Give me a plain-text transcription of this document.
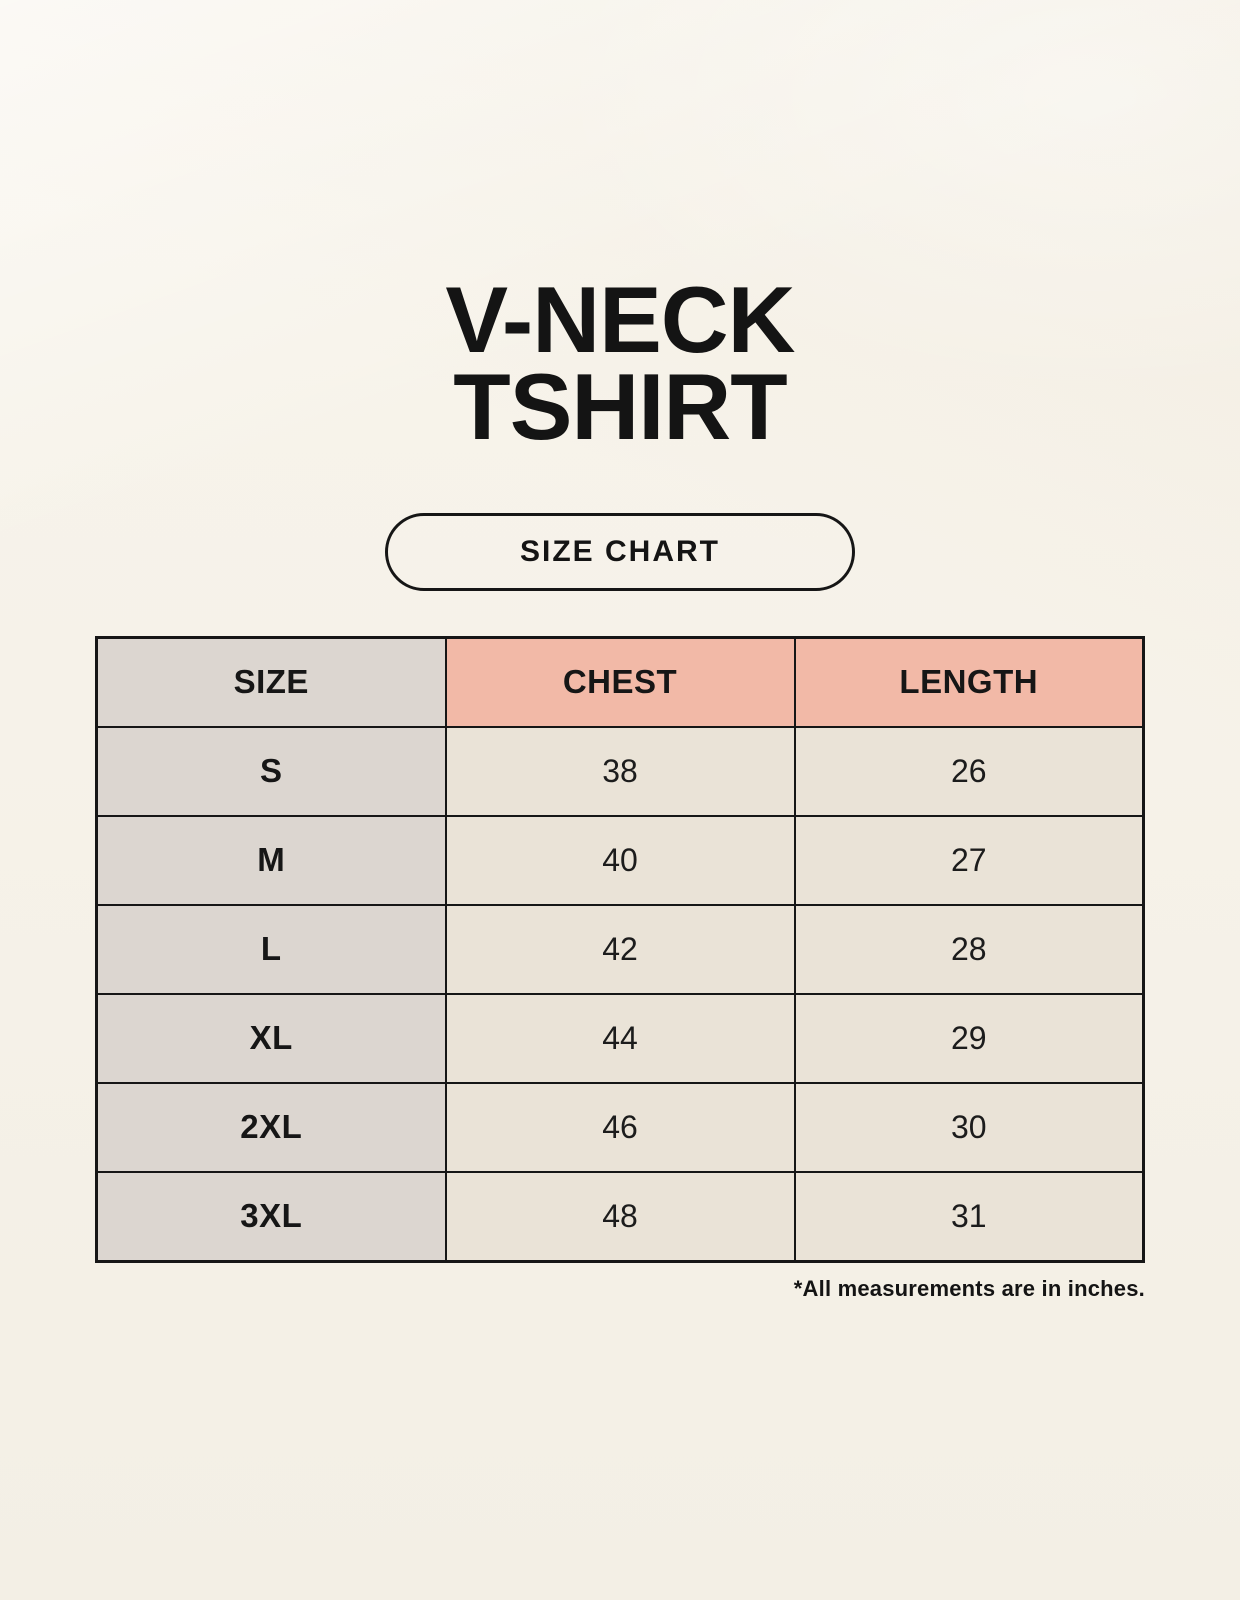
V-NECK
TSHIRT
SIZE CHART
SIZE	CHEST	LENGTH
S	38	26
M	40	27
L	42	28
XL	44	29
2XL	46	30
3XL	48	31
*All measurements are in inches.
